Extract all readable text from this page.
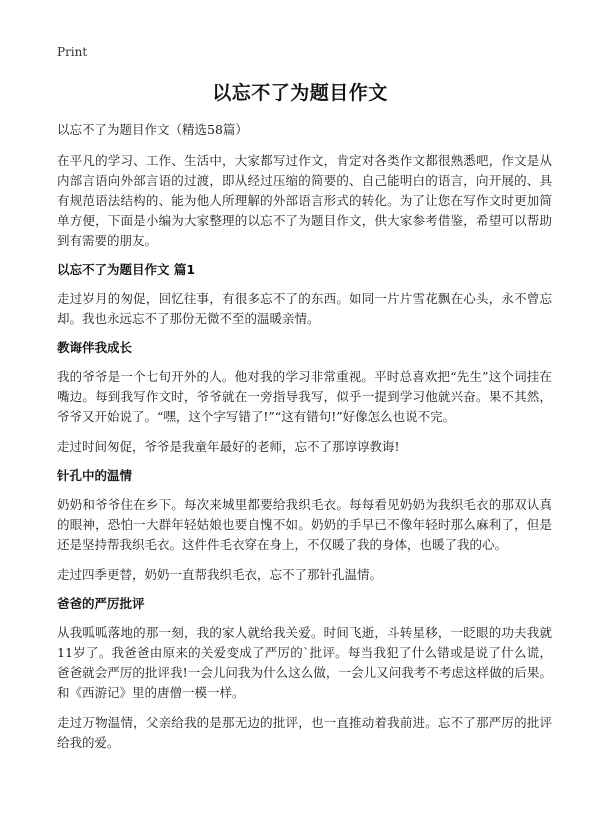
Print
以忘不了为题目作文
以忘不了为题目作文（精选58篇）

在平凡的学习、工作、生活中，大家都写过作文，肯定对各类作文都很熟悉吧，作文是从内部言语向外部言语的过渡，即从经过压缩的简要的、自己能明白的语言，向开展的、具有规范语法结构的、能为他人所理解的外部语言形式的转化。为了让您在写作文时更加简单方便，下面是小编为大家整理的以忘不了为题目作文，供大家参考借鉴，希望可以帮助到有需要的朋友。

以忘不了为题目作文 篇1

走过岁月的匆促，回忆往事，有很多忘不了的东西。如同一片片雪花飘在心头，永不曾忘却。我也永远忘不了那份无微不至的温暖亲情。

教诲伴我成长

我的爷爷是一个七旬开外的人。他对我的学习非常重视。平时总喜欢把“先生”这个词挂在嘴边。每到我写作文时，爷爷就在一旁指导我写，似乎一提到学习他就兴奋。果不其然，爷爷又开始说了。“嘿，这个字写错了!”“这有错句!”好像怎么也说不完。

走过时间匆促，爷爷是我童年最好的老师，忘不了那谆谆教诲!

针孔中的温情

奶奶和爷爷住在乡下。每次来城里都要给我织毛衣。每每看见奶奶为我织毛衣的那双认真的眼神，恐怕一大群年轻姑娘也要自愧不如。奶奶的手早已不像年轻时那么麻利了，但是还是坚持帮我织毛衣。这件件毛衣穿在身上，不仅暖了我的身体，也暖了我的心。

走过四季更替，奶奶一直帮我织毛衣，忘不了那针孔温情。

爸爸的严厉批评

从我呱呱落地的那一刻，我的家人就给我关爱。时间飞逝，斗转星移，一眨眼的功夫我就11岁了。我爸爸由原来的关爱变成了严厉的`批评。每当我犯了什么错或是说了什么谎，爸爸就会严厉的批评我!一会儿问我为什么这么做，一会儿又问我考不考虑这样做的后果。和《西游记》里的唐僧一模一样。

走过万物温情，父亲给我的是那无边的批评，也一直推动着我前进。忘不了那严厉的批评给我的爱。
